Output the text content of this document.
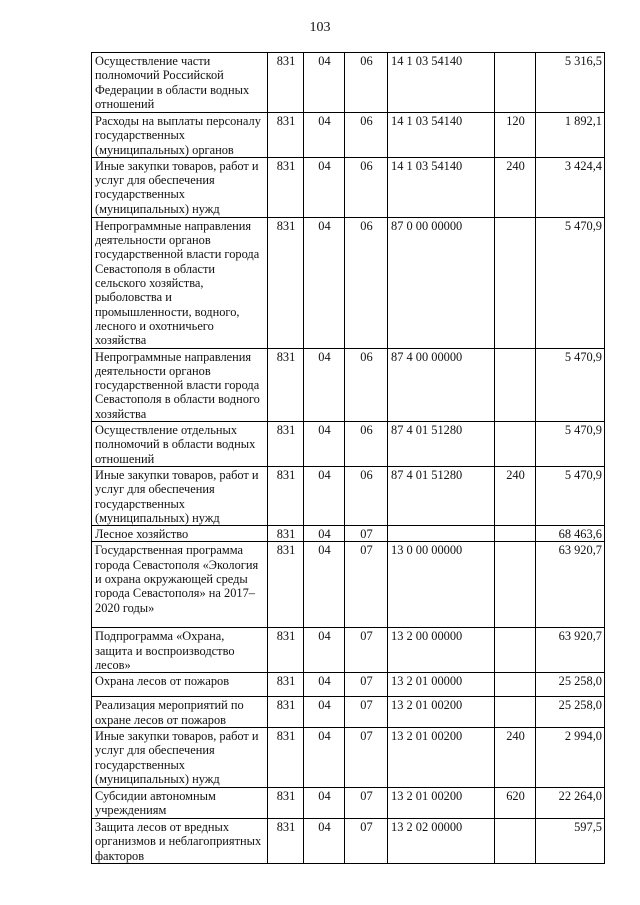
103
Осуществление части полномочий Российской Федерации в области водных отношений	831	04	06	14 1 03 54140		5 316,5
Расходы на выплаты персоналу государственных (муниципальных) органов	831	04	06	14 1 03 54140	120	1 892,1
Иные закупки товаров, работ и услуг для обеспечения государственных (муниципальных) нужд	831	04	06	14 1 03 54140	240	3 424,4
Непрограммные направления деятельности органов государственной власти города Севастополя в области сельского хозяйства, рыболовства и промышленности, водного, лесного и охотничьего хозяйства	831	04	06	87 0 00 00000		5 470,9
Непрограммные направления деятельности органов государственной власти города Севастополя в области водного хозяйства	831	04	06	87 4 00 00000		5 470,9
Осуществление отдельных полномочий в области водных отношений	831	04	06	87 4 01 51280		5 470,9
Иные закупки товаров, работ и услуг для обеспечения государственных (муниципальных) нужд	831	04	06	87 4 01 51280	240	5 470,9
Лесное хозяйство	831	04	07			68 463,6
Государственная программа города Севастополя «Экология и охрана окружающей среды города Севастополя» на 2017–2020 годы»	831	04	07	13 0 00 00000		63 920,7
Подпрограмма «Охрана, защита и воспроизводство лесов»	831	04	07	13 2 00 00000		63 920,7
Охрана лесов от пожаров	831	04	07	13 2 01 00000		25 258,0
Реализация мероприятий по охране лесов от пожаров	831	04	07	13 2 01 00200		25 258,0
Иные закупки товаров, работ и услуг для обеспечения государственных (муниципальных) нужд	831	04	07	13 2 01 00200	240	2 994,0
Субсидии автономным учреждениям	831	04	07	13 2 01 00200	620	22 264,0
Защита лесов от вредных организмов и неблагоприятных факторов	831	04	07	13 2 02 00000		597,5
